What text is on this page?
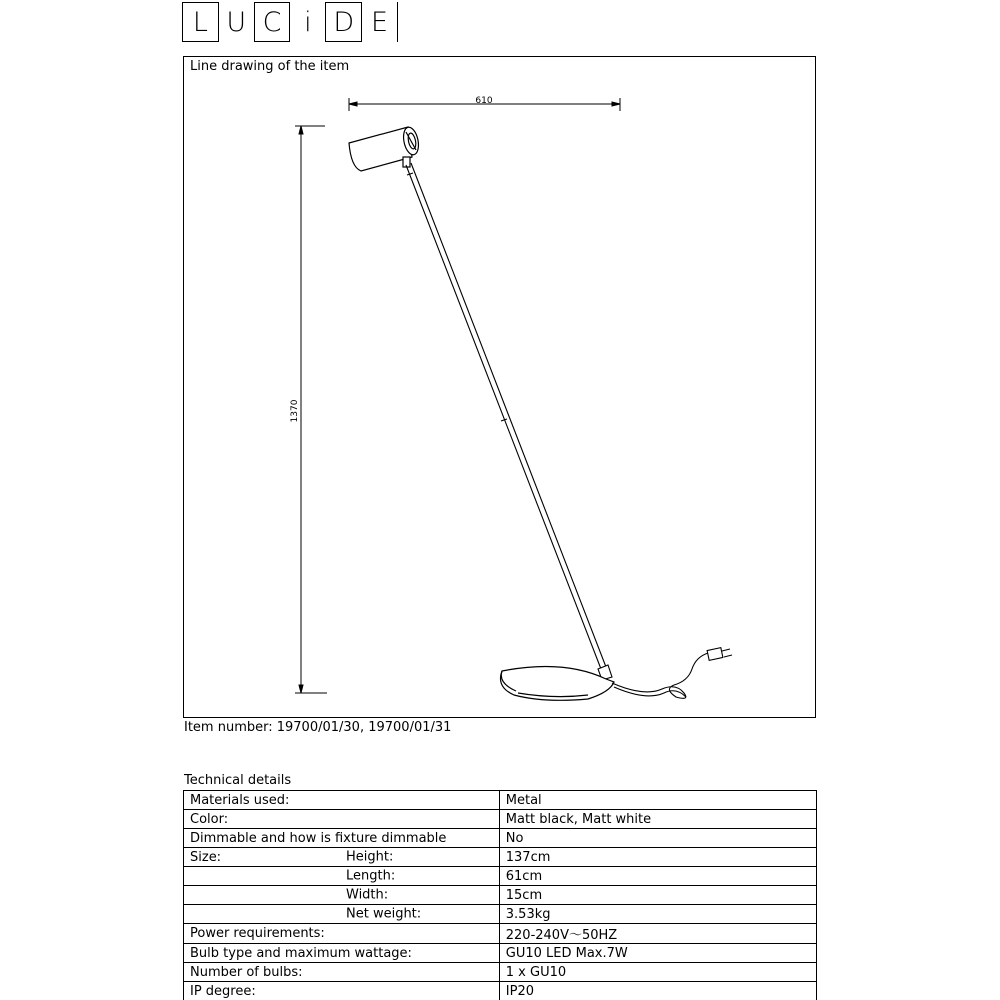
L U C i D E
Line drawing of the item
610
1370
Item number: 19700/01/30, 19700/01/31
Technical details
Materials used:	Metal
Color:	Matt black, Matt white
Dimmable and how is fixture dimmable	No
Size: Height:	137cm

Length:	61cm

Width:	15cm

Net weight:	3.53kg
Power requirements:	220-240V～50HZ
Bulb type and maximum wattage:	GU10 LED Max.7W
Number of bulbs:	1 x GU10
IP degree:	IP20
